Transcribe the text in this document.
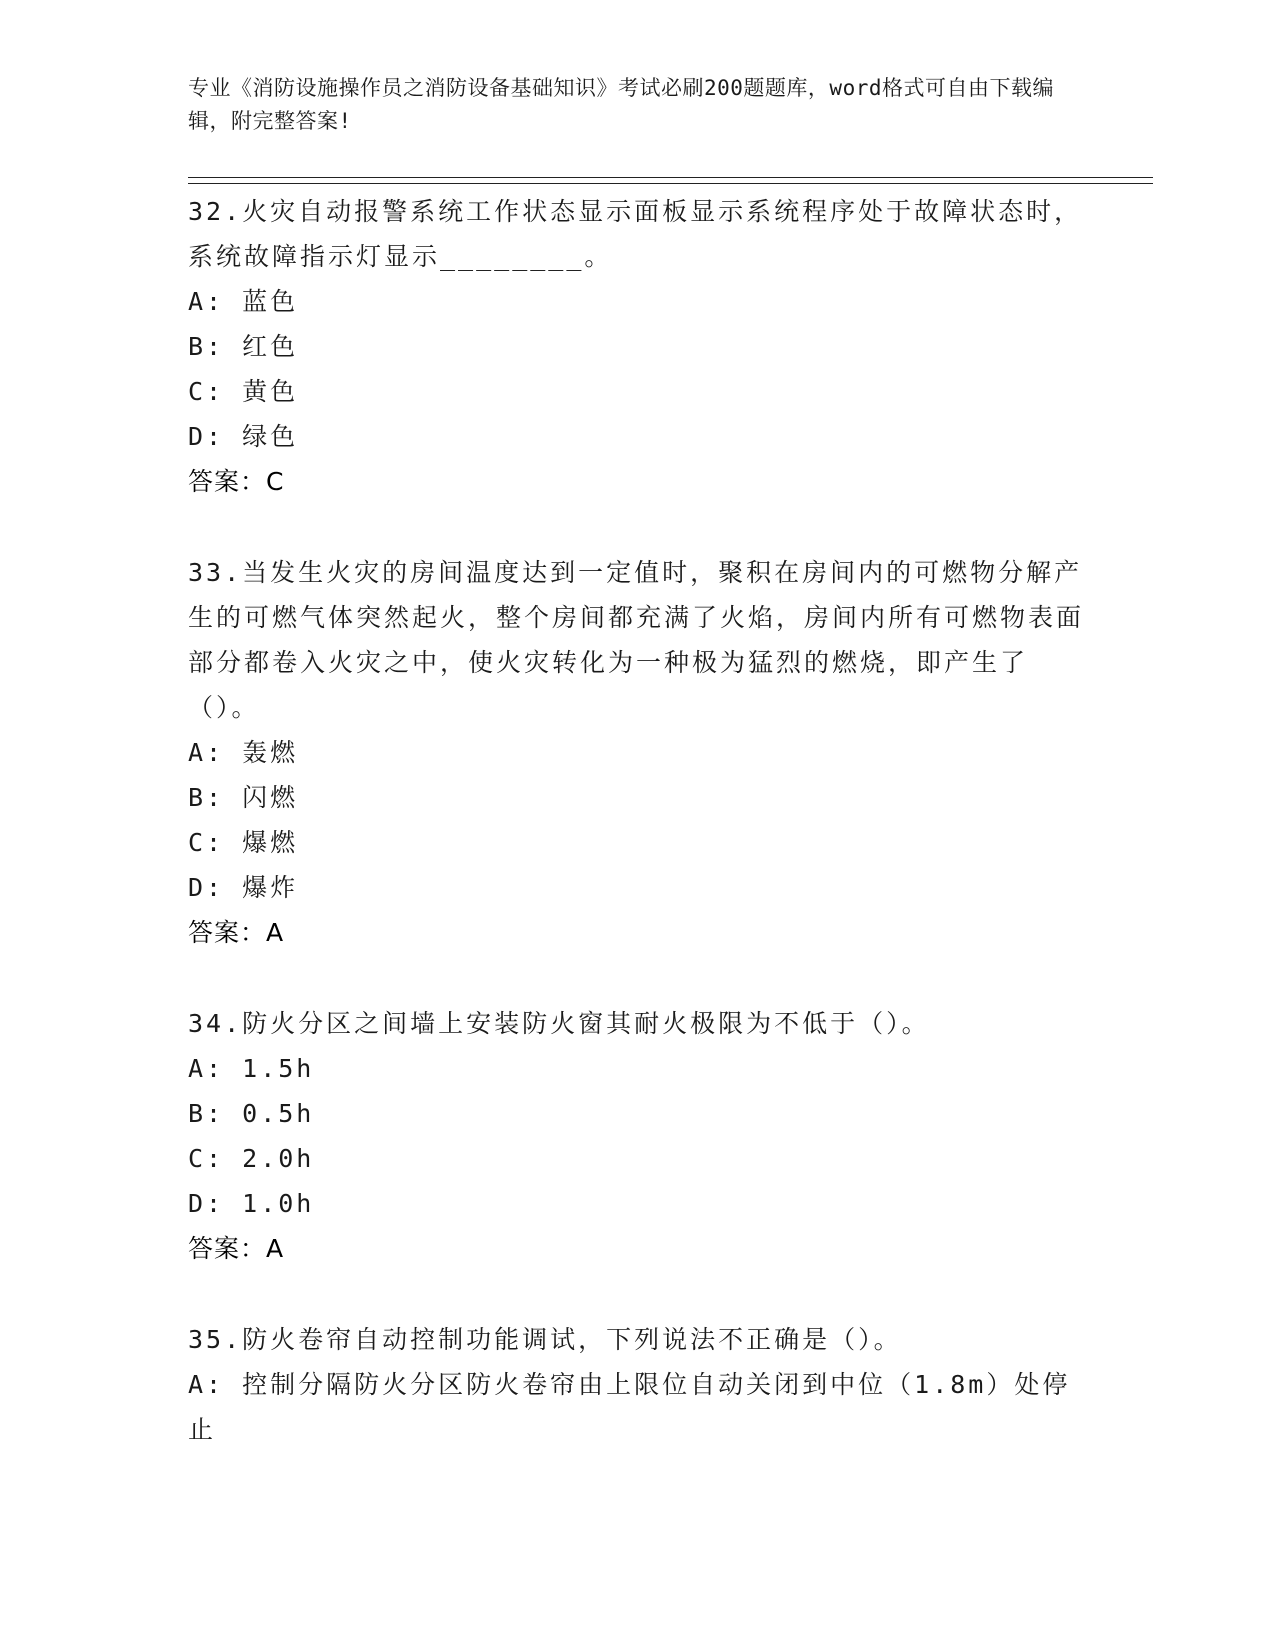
专业《消防设施操作员之消防设备基础知识》考试必刷200题题库，word格式可自由下载编辑，附完整答案!
32.火灾自动报警系统工作状态显示面板显示系统程序处于故障状态时，系统故障指示灯显示________。
A: 蓝色
B: 红色
C: 黄色
D: 绿色
答案：C
33.当发生火灾的房间温度达到一定值时，聚积在房间内的可燃物分解产生的可燃气体突然起火，整个房间都充满了火焰，房间内所有可燃物表面部分都卷入火灾之中，使火灾转化为一种极为猛烈的燃烧，即产生了（）。
A: 轰燃
B: 闪燃
C: 爆燃
D: 爆炸
答案：A
34.防火分区之间墙上安装防火窗其耐火极限为不低于（）。
A: 1.5h
B: 0.5h
C: 2.0h
D: 1.0h
答案：A
35.防火卷帘自动控制功能调试，下列说法不正确是（）。
A: 控制分隔防火分区防火卷帘由上限位自动关闭到中位（1.8m）处停止
